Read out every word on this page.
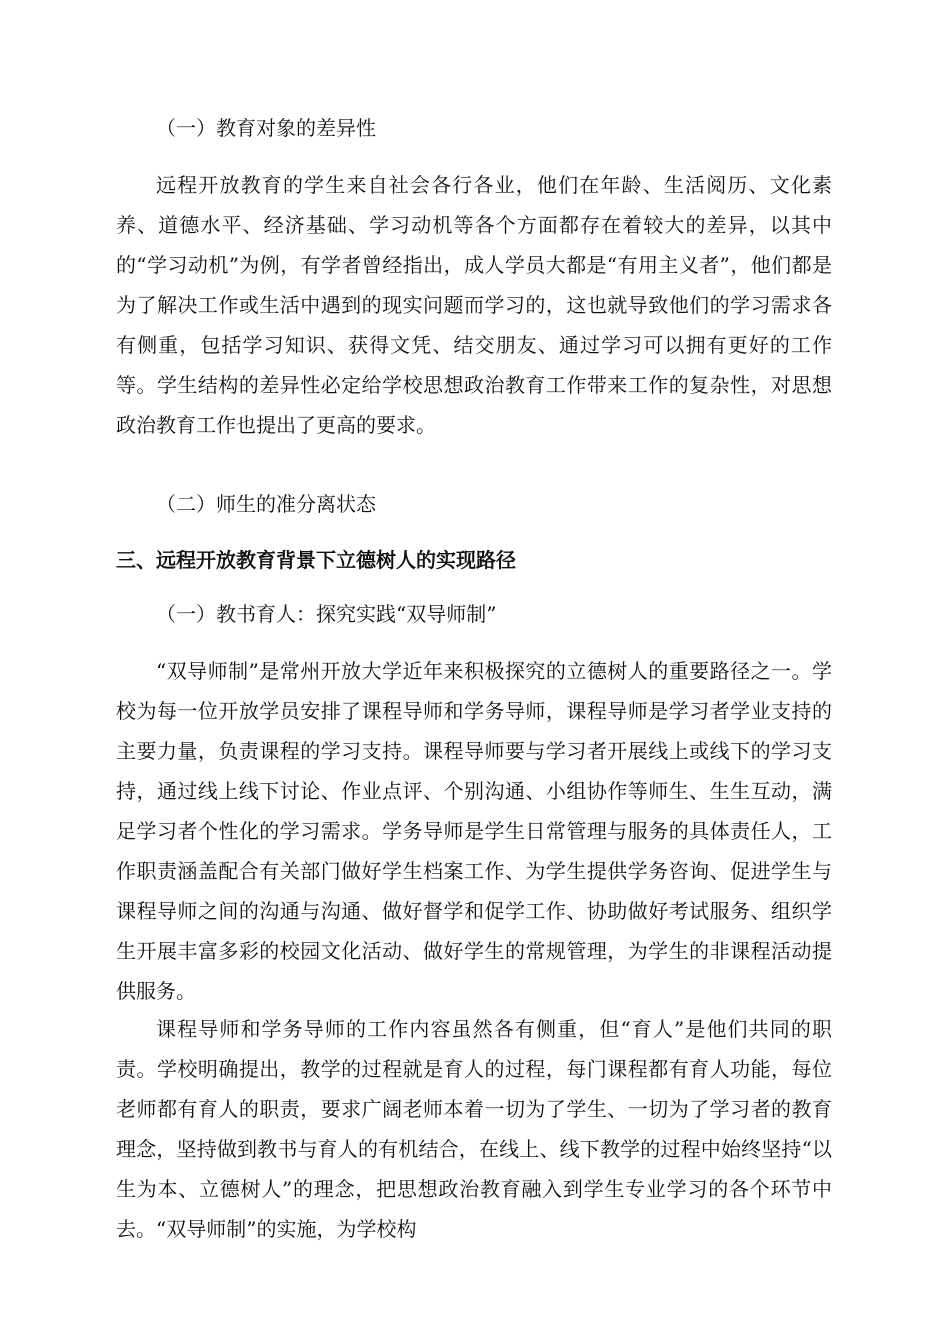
（一）教育对象的差异性

远程开放教育的学生来自社会各行各业，他们在年龄、生活阅历、文化素养、道德水平、经济基础、学习动机等各个方面都存在着较大的差异，以其中的“学习动机”为例，有学者曾经指出，成人学员大都是“有用主义者”，他们都是为了解决工作或生活中遇到的现实问题而学习的，这也就导致他们的学习需求各有侧重，包括学习知识、获得文凭、结交朋友、通过学习可以拥有更好的工作等。学生结构的差异性必定给学校思想政治教育工作带来工作的复杂性，对思想政治教育工作也提出了更高的要求。

（二）师生的准分离状态

三、远程开放教育背景下立德树人的实现路径

（一）教书育人：探究实践“双导师制”

“双导师制”是常州开放大学近年来积极探究的立德树人的重要路径之一。学校为每一位开放学员安排了课程导师和学务导师，课程导师是学习者学业支持的主要力量，负责课程的学习支持。课程导师要与学习者开展线上或线下的学习支持，通过线上线下讨论、作业点评、个别沟通、小组协作等师生、生生互动，满足学习者个性化的学习需求。学务导师是学生日常管理与服务的具体责任人，工作职责涵盖配合有关部门做好学生档案工作、为学生提供学务咨询、促进学生与课程导师之间的沟通与沟通、做好督学和促学工作、协助做好考试服务、组织学生开展丰富多彩的校园文化活动、做好学生的常规管理，为学生的非课程活动提供服务。

课程导师和学务导师的工作内容虽然各有侧重，但“育人”是他们共同的职责。学校明确提出，教学的过程就是育人的过程，每门课程都有育人功能，每位老师都有育人的职责，要求广阔老师本着一切为了学生、一切为了学习者的教育理念，坚持做到教书与育人的有机结合，在线上、线下教学的过程中始终坚持“以生为本、立德树人”的理念，把思想政治教育融入到学生专业学习的各个环节中去。“双导师制”的实施，为学校构
